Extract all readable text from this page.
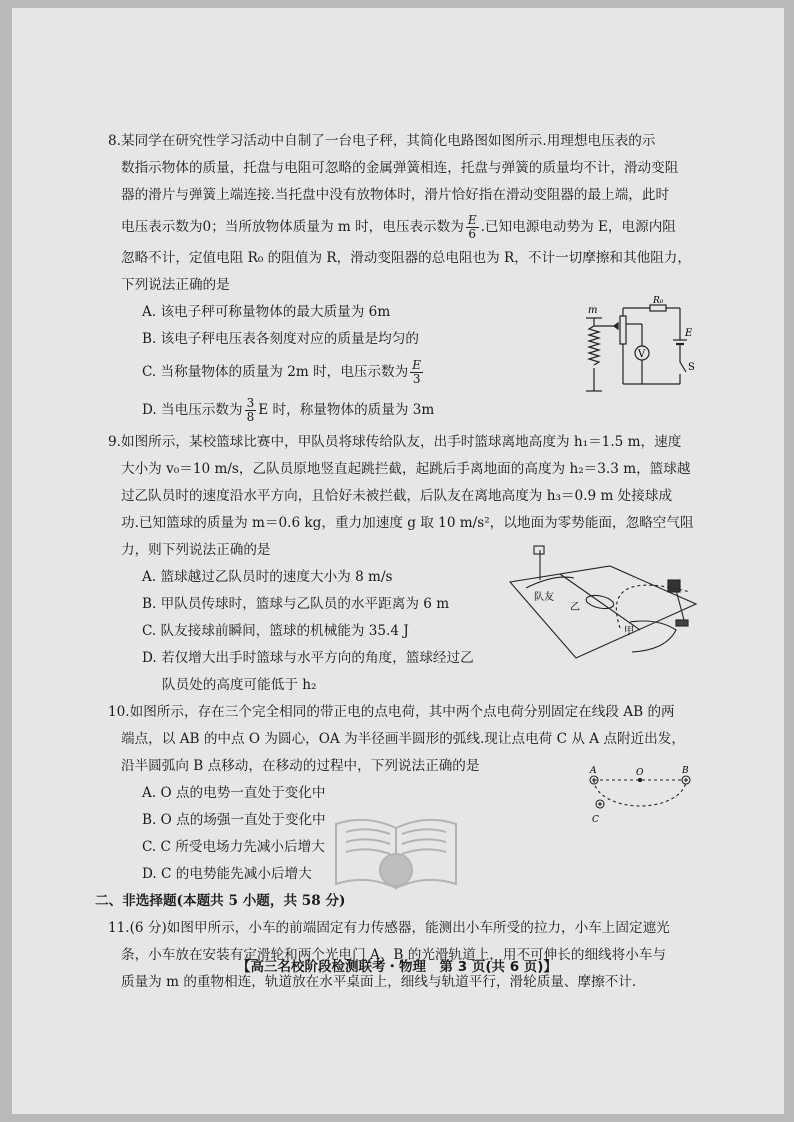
8.某同学在研究性学习活动中自制了一台电子秤，其简化电路图如图所示.用理想电压表的示

数指示物体的质量，托盘与电阻可忽略的金属弹簧相连，托盘与弹簧的质量均不计，滑动变阻

器的滑片与弹簧上端连接.当托盘中没有放物体时，滑片恰好指在滑动变阻器的最上端，此时

电压表示数为0；当所放物体质量为 m 时，电压表示数为 $\frac{E}{6}$ .已知电源电动势为 E，电源内阻

忽略不计，定值电阻 R₀ 的阻值为 R，滑动变阻器的总电阻也为 R，不计一切摩擦和其他阻力，

下列说法正确的是

A. 该电子秤可称量物体的最大质量为 6m

B. 该电子秤电压表各刻度对应的质量是均匀的

C. 当称量物体的质量为 2m 时，电压示数为 $\frac{E}{3}$

D. 当电压示数为 $\frac{3}{8}$ E 时，称量物体的质量为 3m

9.如图所示，某校篮球比赛中，甲队员将球传给队友，出手时篮球离地高度为 h₁＝1.5 m，速度

大小为 v₀＝10 m/s，乙队员原地竖直起跳拦截，起跳后手离地面的高度为 h₂＝3.3 m，篮球越

过乙队员时的速度沿水平方向，且恰好未被拦截，后队友在离地高度为 h₃＝0.9 m 处接球成

功.已知篮球的质量为 m＝0.6 kg，重力加速度 g 取 10 m/s²，以地面为零势能面，忽略空气阻

力，则下列说法正确的是

A. 篮球越过乙队员时的速度大小为 8 m/s

B. 甲队员传球时，篮球与乙队员的水平距离为 6 m

C. 队友接球前瞬间，篮球的机械能为 35.4 J

D. 若仅增大出手时篮球与水平方向的角度，篮球经过乙

队员处的高度可能低于 h₂

10.如图所示，存在三个完全相同的带正电的点电荷，其中两个点电荷分别固定在线段 AB 的两

端点，以 AB 的中点 O 为圆心，OA 为半径画半圆形的弧线.现让点电荷 C 从 A 点附近出发，

沿半圆弧向 B 点移动，在移动的过程中，下列说法正确的是

A. O 点的电势一直处于变化中

B. O 点的场强一直处于变化中

C. C 所受电场力先减小后增大

D. C 的电势能先减小后增大

二、非选择题(本题共 5 小题，共 58 分)

11.(6 分)如图甲所示，小车的前端固定有力传感器，能测出小车所受的拉力，小车上固定遮光

条，小车放在安装有定滑轮和两个光电门 A、B 的光滑轨道上，用不可伸长的细线将小车与

质量为 m 的重物相连，轨道放在水平桌面上，细线与轨道平行，滑轮质量、摩擦不计.

m
R₀
E
V
S
队友
乙
甲
A	O	B
C
【高三名校阶段检测联考・物理　第 3 页(共 6 页)】
